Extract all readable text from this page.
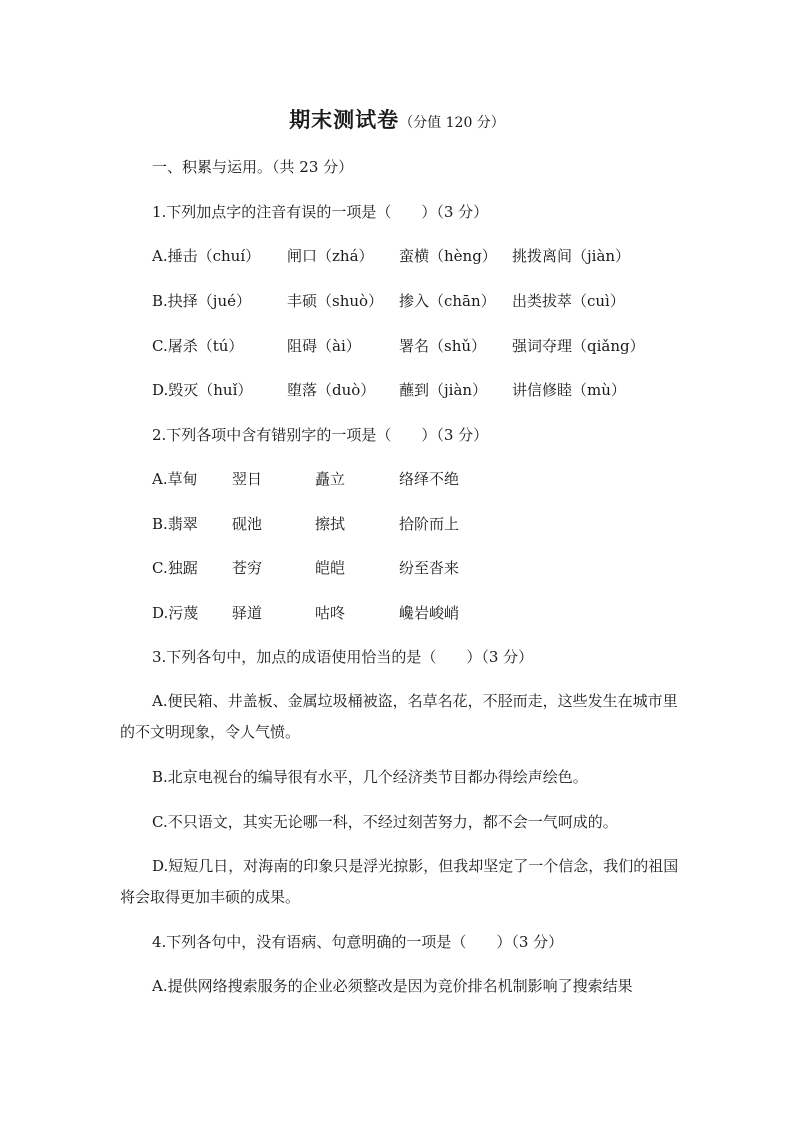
期末测试卷（分值 120 分）
一、积累与运用。（共 23 分）
1.下列加点字的注音有误的一项是（　　）（3 分）
A.捶击（chuí） 闸口（zhá） 蛮横（hèng） 挑拨离间（jiàn）
B.抉择（jué） 丰硕（shuò） 掺入（chān） 出类拔萃（cuì）
C.屠杀（tú）	阻碍（ài）	署名（shǔ） 强词夺理（qiǎng）
D.毁灭（huǐ） 堕落（duò） 蘸到（jiàn） 讲信修睦（mù）
2.下列各项中含有错别字的一项是（　　）（3 分）
A.草甸 翌日	矗立	络绎不绝
B.翡翠 砚池	擦拭	拾阶而上
C.独踞 苍穷	皑皑	纷至沓来
D.污蔑 驿道	咕咚	巉岩峻峭
3.下列各句中，加点的成语使用恰当的是（　　）（3 分）
A.便民箱、井盖板、金属垃圾桶被盗，名草名花，不胫而走，这些发生在城市里的不文明现象，令人气愤。
B.北京电视台的编导很有水平，几个经济类节目都办得绘声绘色。
C.不只语文，其实无论哪一科，不经过刻苦努力，都不会一气呵成的。
D.短短几日，对海南的印象只是浮光掠影，但我却坚定了一个信念，我们的祖国将会取得更加丰硕的成果。
4.下列各句中，没有语病、句意明确的一项是（　　）（3 分）
A.提供网络搜索服务的企业必须整改是因为竞价排名机制影响了搜索结果
